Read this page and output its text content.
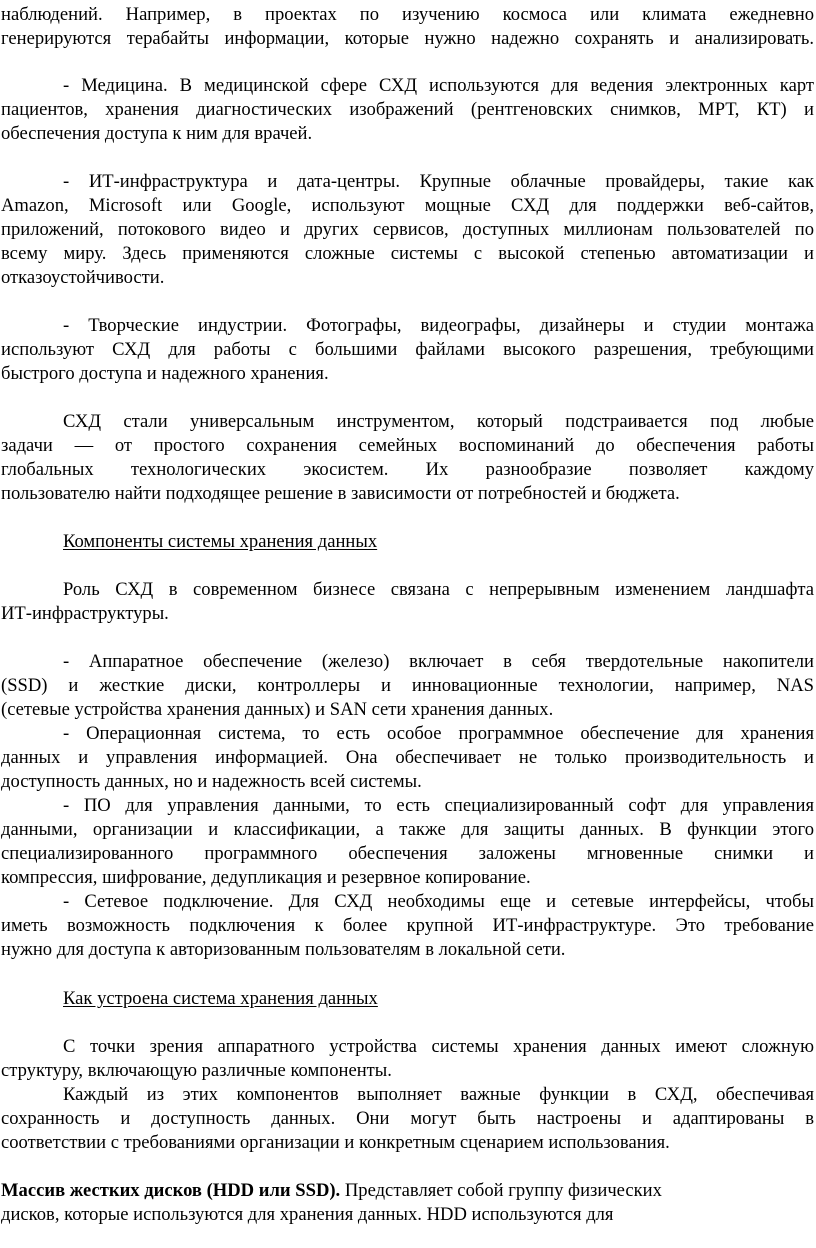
наблюдений. Например, в проектах по изучению космоса или климата ежедневно
генерируются терабайты информации, которые нужно надежно сохранять и анализировать.
- Медицина. В медицинской сфере СХД используются для ведения электронных карт
пациентов, хранения диагностических изображений (рентгеновских снимков, МРТ, КТ) и
обеспечения доступа к ним для врачей.
- ИТ-инфраструктура и дата-центры. Крупные облачные провайдеры, такие как
Amazon, Microsoft или Google, используют мощные СХД для поддержки веб-сайтов,
приложений, потокового видео и других сервисов, доступных миллионам пользователей по
всему миру. Здесь применяются сложные системы с высокой степенью автоматизации и
отказоустойчивости.
- Творческие индустрии. Фотографы, видеографы, дизайнеры и студии монтажа
используют СХД для работы с большими файлами высокого разрешения, требующими
быстрого доступа и надежного хранения.
СХД стали универсальным инструментом, который подстраивается под любые
задачи — от простого сохранения семейных воспоминаний до обеспечения работы
глобальных технологических экосистем. Их разнообразие позволяет каждому
пользователю найти подходящее решение в зависимости от потребностей и бюджета.
Компоненты системы хранения данных
Роль СХД в современном бизнесе связана с непрерывным изменением ландшафта
ИТ-инфраструктуры.
- Аппаратное обеспечение (железо) включает в себя твердотельные накопители
(SSD) и жесткие диски, контроллеры и инновационные технологии, например, NAS
(сетевые устройства хранения данных) и SAN сети хранения данных.
- Операционная система, то есть особое программное обеспечение для хранения
данных и управления информацией. Она обеспечивает не только производительность и
доступность данных, но и надежность всей системы.
- ПО для управления данными, то есть специализированный софт для управления
данными, организации и классификации, а также для защиты данных. В функции этого
специализированного программного обеспечения заложены мгновенные снимки и
компрессия, шифрование, дедупликация и резервное копирование.
- Сетевое подключение. Для СХД необходимы еще и сетевые интерфейсы, чтобы
иметь возможность подключения к более крупной ИТ-инфраструктуре. Это требование
нужно для доступа к авторизованным пользователям в локальной сети.
Как устроена система хранения данных
С точки зрения аппаратного устройства системы хранения данных имеют сложную
структуру, включающую различные компоненты.
Каждый из этих компонентов выполняет важные функции в СХД, обеспечивая
сохранность и доступность данных. Они могут быть настроены и адаптированы в
соответствии с требованиями организации и конкретным сценарием использования.
Массив жестких дисков (HDD или SSD). Представляет собой группу физических
дисков, которые используются для хранения данных. HDD используются для
